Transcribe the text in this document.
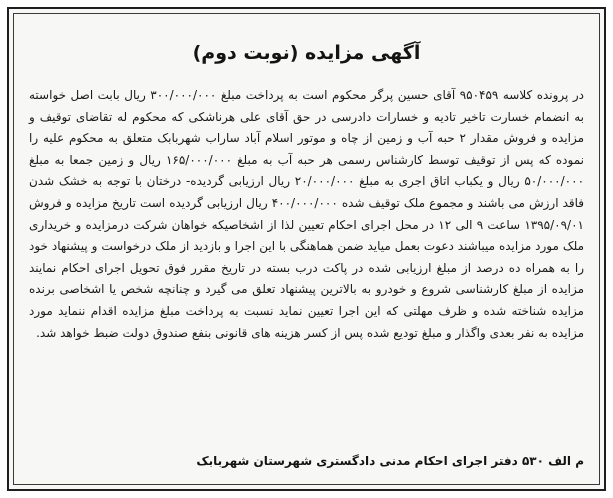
آگهی مزایده (نوبت دوم)
در پرونده کلاسه ۹۵۰۴۵۹ آقای حسین پرگر محکوم است به پرداخت مبلغ ۳۰۰/۰۰۰/۰۰۰ ریال بابت اصل خواسته به انضمام خسارت تاخیر تادیه و خسارات دادرسی در حق آقای علی هرناشکی که محکوم له تقاضای توقیف و مزایده و فروش مقدار ۲ حبه آب و زمین از چاه و موتور اسلام آباد ساراب شهربابک متعلق به محکوم علیه را نموده که پس از توقیف توسط کارشناس رسمی هر حبه آب به مبلغ ۱۶۵/۰۰۰/۰۰۰ ریال و زمین جمعا به مبلغ ۵۰/۰۰۰/۰۰۰ ریال و یکباب اتاق اجری به مبلغ ۲۰/۰۰۰/۰۰۰ ریال ارزیابی گردیده- درختان با توجه به خشک شدن فاقد ارزش می باشند و مجموع ملک توقیف شده ۴۰۰/۰۰۰/۰۰۰ ریال ارزیابی گردیده است تاریخ مزایده و فروش ۱۳۹۵/۰۹/۰۱ ساعت ۹ الی ۱۲ در محل اجرای احکام تعیین لذا از اشخاصیکه خواهان شرکت درمزایده و خریداری ملک مورد مزایده میباشند دعوت بعمل میاید ضمن هماهنگی با این اجرا و بازدید از ملک درخواست و پیشنهاد خود را به همراه ده درصد از مبلغ ارزیابی شده در پاکت درب بسته در تاریخ مقرر فوق تحویل اجرای احکام نمایند مزایده از مبلغ کارشناسی شروع و خودرو به بالاترین پیشنهاد تعلق می گیرد و چنانچه شخص یا اشخاصی برنده مزایده شناخته شده و ظرف مهلتی که این اجرا تعیین نماید نسبت به پرداخت مبلغ مزایده اقدام ننماید مورد مزایده به نفر بعدی واگذار و مبلغ تودیع شده پس از کسر هزینه های قانونی بنفع صندوق دولت ضبط خواهد شد.
م الف ۵۳۰ دفتر اجرای احکام مدنی دادگستری شهرستان شهربابک
